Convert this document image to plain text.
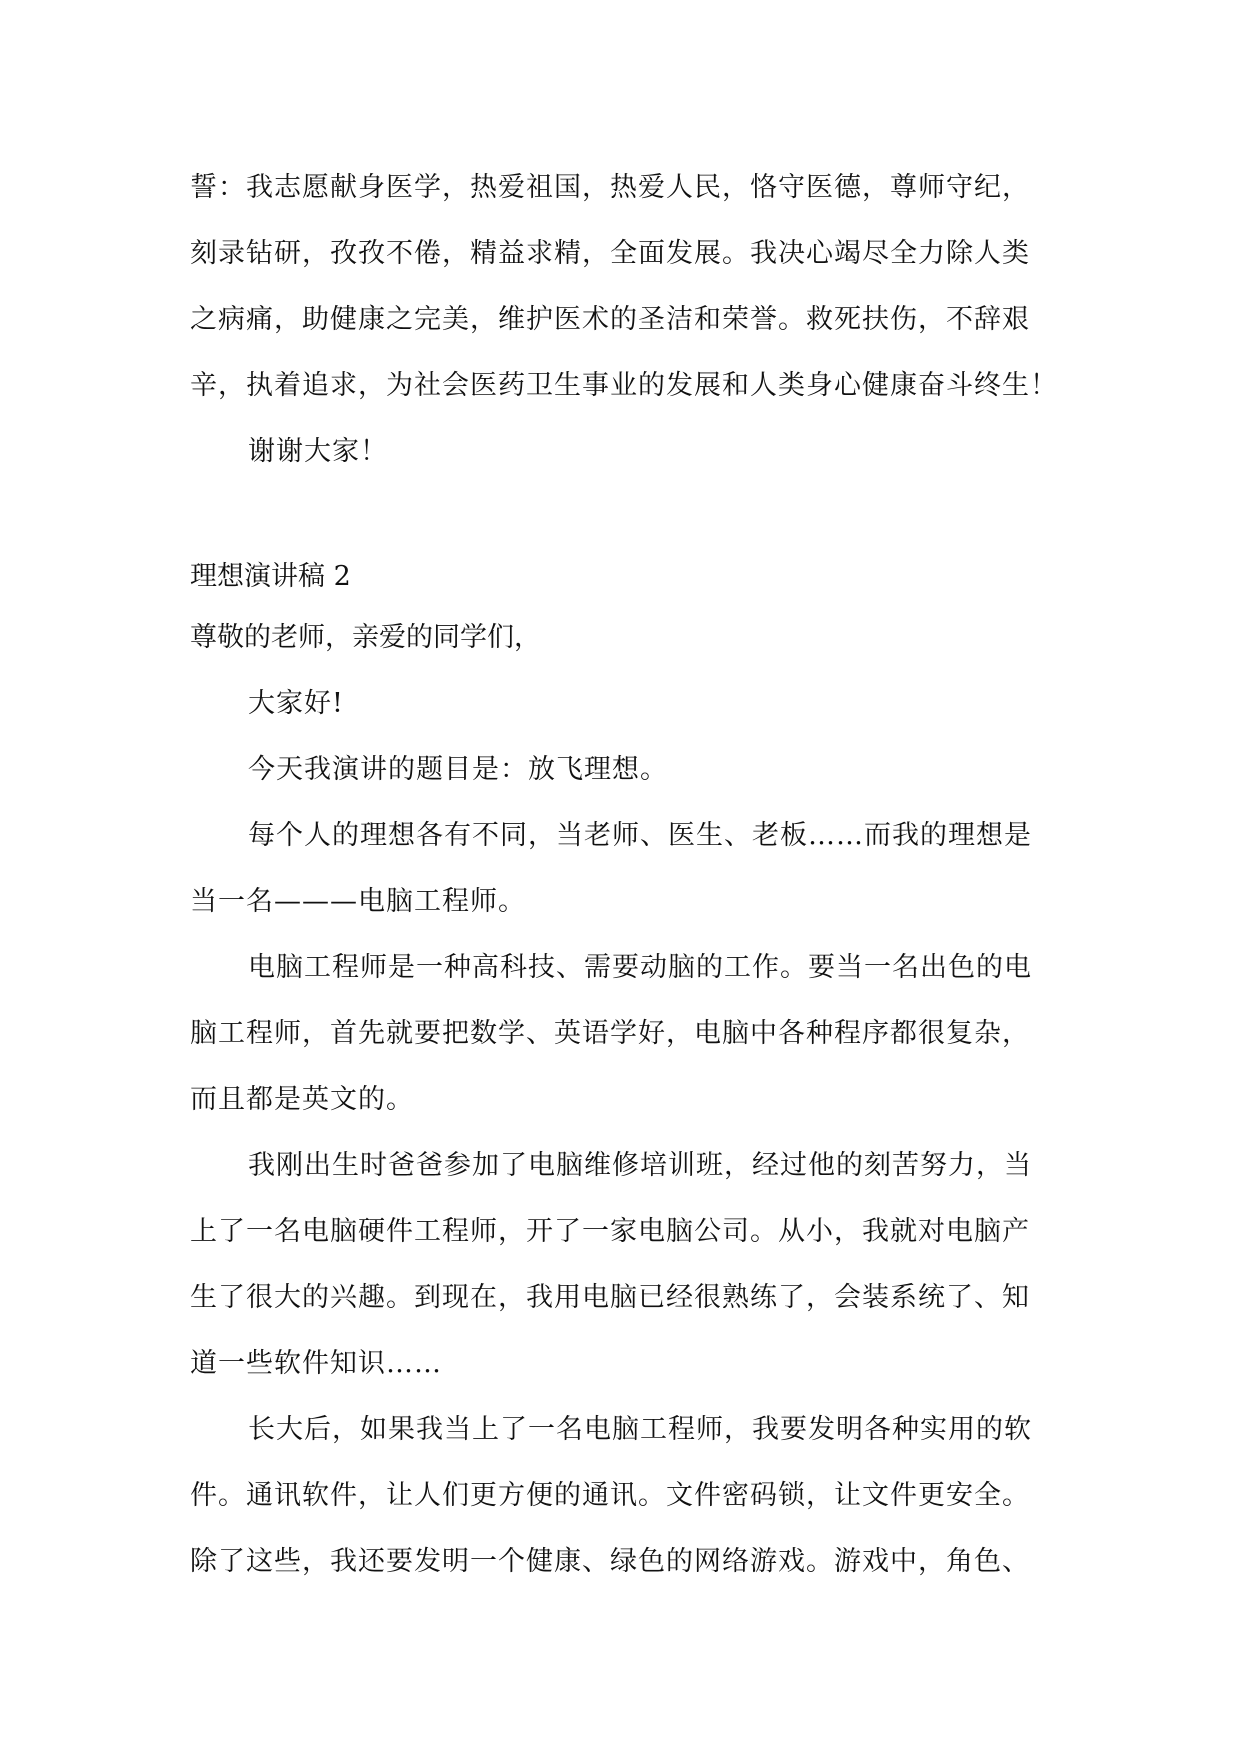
誓：我志愿献身医学，热爱祖国，热爱人民，恪守医德，尊师守纪，
刻录钻研，孜孜不倦，精益求精，全面发展。我决心竭尽全力除人类
之病痛，助健康之完美，维护医术的圣洁和荣誉。救死扶伤，不辞艰
辛，执着追求，为社会医药卫生事业的发展和人类身心健康奋斗终生！
谢谢大家！
理想演讲稿 2
尊敬的老师，亲爱的同学们，
大家好!
今天我演讲的题目是：放飞理想。
每个人的理想各有不同，当老师、医生、老板……而我的理想是
当一名———电脑工程师。
电脑工程师是一种高科技、需要动脑的工作。要当一名出色的电
脑工程师，首先就要把数学、英语学好，电脑中各种程序都很复杂，
而且都是英文的。
我刚出生时爸爸参加了电脑维修培训班，经过他的刻苦努力，当
上了一名电脑硬件工程师，开了一家电脑公司。从小，我就对电脑产
生了很大的兴趣。到现在，我用电脑已经很熟练了，会装系统了、知
道一些软件知识……
长大后，如果我当上了一名电脑工程师，我要发明各种实用的软
件。通讯软件，让人们更方便的通讯。文件密码锁，让文件更安全。
除了这些，我还要发明一个健康、绿色的网络游戏。游戏中，角色、
